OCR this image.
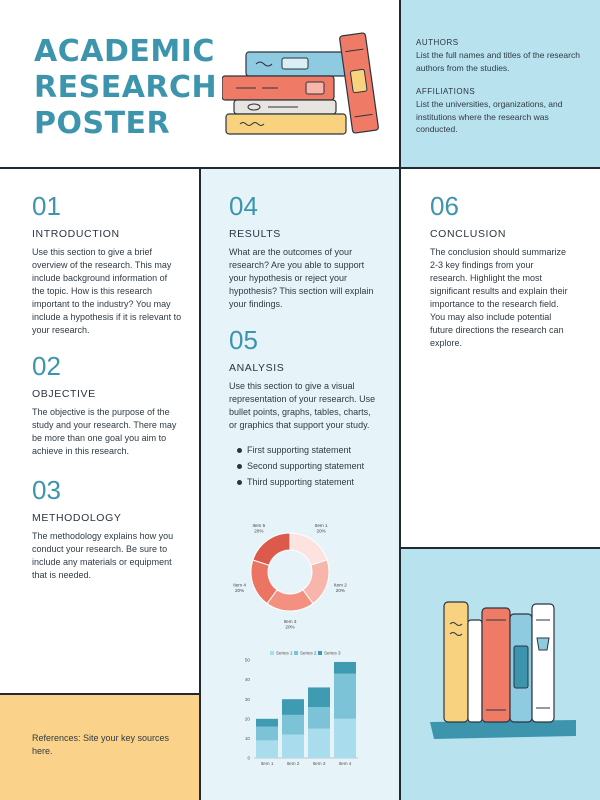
ACADEMIC
RESEARCH
POSTER
AUTHORS
List the full names and titles of the research authors from the studies.
AFFILIATIONS
List the universities, organizations, and institutions where the research was conducted.
01
INTRODUCTION
Use this section to give a brief overview of the research. This may include background information of the topic. How is this research important to the industry? You may include a hypothesis if it is relevant to your research.
02
OBJECTIVE
The objective is the purpose of the study and your research. There may be more than one goal you aim to achieve in this research.
03
METHODOLOGY
The methodology explains how you conduct your research. Be sure to include any materials or equipment that is needed.
References: Site your key sources here.
04
RESULTS
What are the outcomes of your research? Are you able to support your hypothesis or reject your hypothesis? This section will explain your findings.
05
ANALYSIS
Use this section to give a visual representation of your research. Use bullet points, graphs, tables, charts, or graphics that support your study.
First supporting statement
Second supporting statement
Third supporting statement
Item 1 20%
Item 2 20%
Item 3 20%
Item 4 20%
Item 5 20%
Series 1 Series 2 Series 3
0
10
20
30
40
50
Item 1	Item 2	Item 3	Item 4
06
CONCLUSION
The conclusion should summarize 2-3 key findings from your research. Highlight the most significant results and explain their importance to the research field. You may also include potential future directions the research can explore.
